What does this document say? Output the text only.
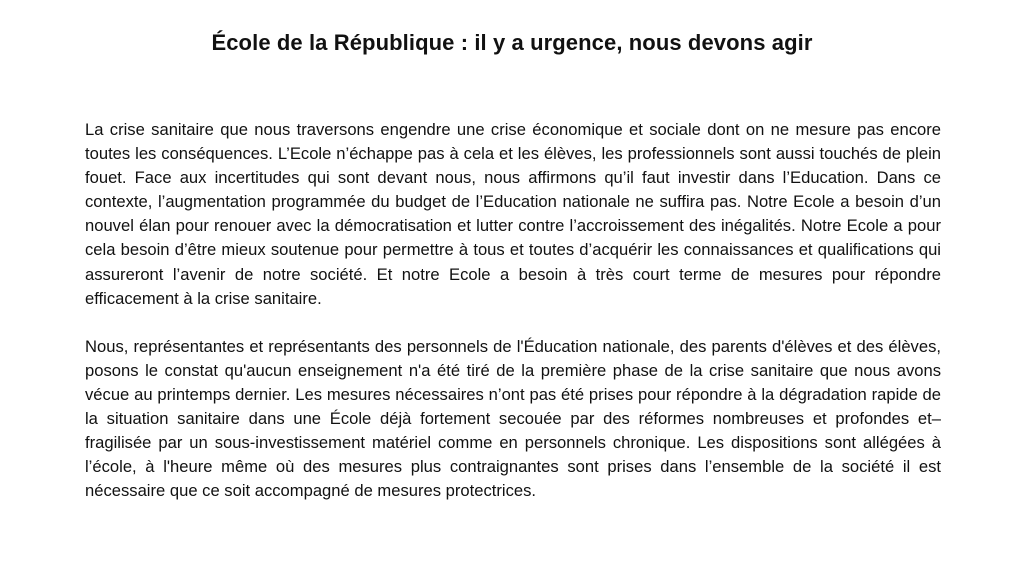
École de la République : il y a urgence, nous devons agir

La crise sanitaire que nous traversons engendre une crise économique et sociale dont on ne mesure pas encore toutes les conséquences. L’Ecole n’échappe pas à cela et les élèves, les professionnels sont aussi touchés de plein fouet. Face aux incertitudes qui sont devant nous, nous affirmons qu’il faut investir dans l’Education. Dans ce contexte, l’augmentation programmée du budget de l’Education nationale ne suffira pas. Notre Ecole a besoin d’un nouvel élan pour renouer avec la démocratisation et lutter contre l’accroissement des inégalités. Notre Ecole a pour cela besoin d’être mieux soutenue pour permettre à tous et toutes d’acquérir les connaissances et qualifications qui assureront l’avenir de notre société. Et notre Ecole a besoin à très court terme de mesures pour répondre efficacement à la crise sanitaire.

Nous, représentantes et représentants des personnels de l'Éducation nationale, des parents d'élèves et des élèves, posons le constat qu'aucun enseignement n'a été tiré de la première phase de la crise sanitaire que nous avons vécue au printemps dernier. Les mesures nécessaires n’ont pas été prises pour répondre à la dégradation rapide de la situation sanitaire dans une École déjà fortement secouée par des réformes nombreuses et profondes et–fragilisée par un sous-investissement matériel comme en personnels chronique. Les dispositions sont allégées à l’école, à l'heure même où des mesures plus contraignantes sont prises dans l’ensemble de la société il est nécessaire que ce soit accompagné de mesures protectrices.
